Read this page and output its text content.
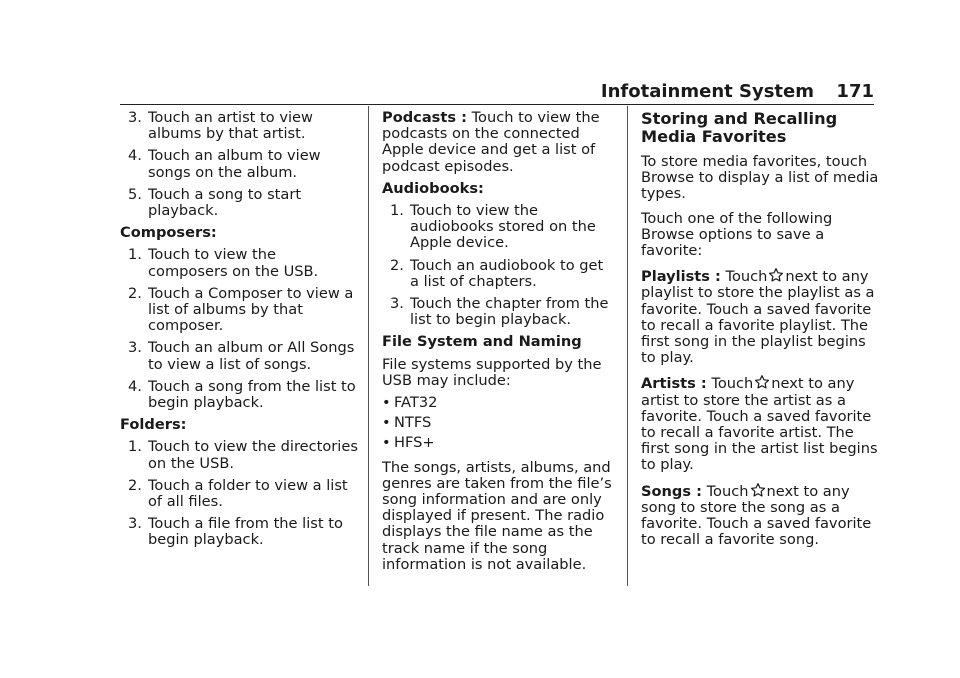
Infotainment System 171
3. Touch an artist to view albums by that artist.
4. Touch an album to view songs on the album.
5. Touch a song to start playback.
Composers:
1. Touch to view the composers on the USB.
2. Touch a Composer to view a list of albums by that composer.
3. Touch an album or All Songs to view a list of songs.
4. Touch a song from the list to begin playback.
Folders:
1. Touch to view the directories on the USB.
2. Touch a folder to view a list of all files.
3. Touch a file from the list to begin playback.
Podcasts : Touch to view the podcasts on the connected Apple device and get a list of podcast episodes.
Audiobooks:
1. Touch to view the audiobooks stored on the Apple device.
2. Touch an audiobook to get a list of chapters.
3. Touch the chapter from the list to begin playback.
File System and Naming
File systems supported by the USB may include:
• FAT32
• NTFS
• HFS+
The songs, artists, albums, and genres are taken from the file’s song information and are only displayed if present. The radio displays the file name as the track name if the song information is not available.
Storing and Recalling Media Favorites
To store media favorites, touch Browse to display a list of media types.
Touch one of the following Browse options to save a favorite:
Playlists : Touch next to any playlist to store the playlist as a favorite. Touch a saved favorite to recall a favorite playlist. The first song in the playlist begins to play.
Artists : Touch next to any artist to store the artist as a favorite. Touch a saved favorite to recall a favorite artist. The first song in the artist list begins to play.
Songs : Touch next to any song to store the song as a favorite. Touch a saved favorite to recall a favorite song.
